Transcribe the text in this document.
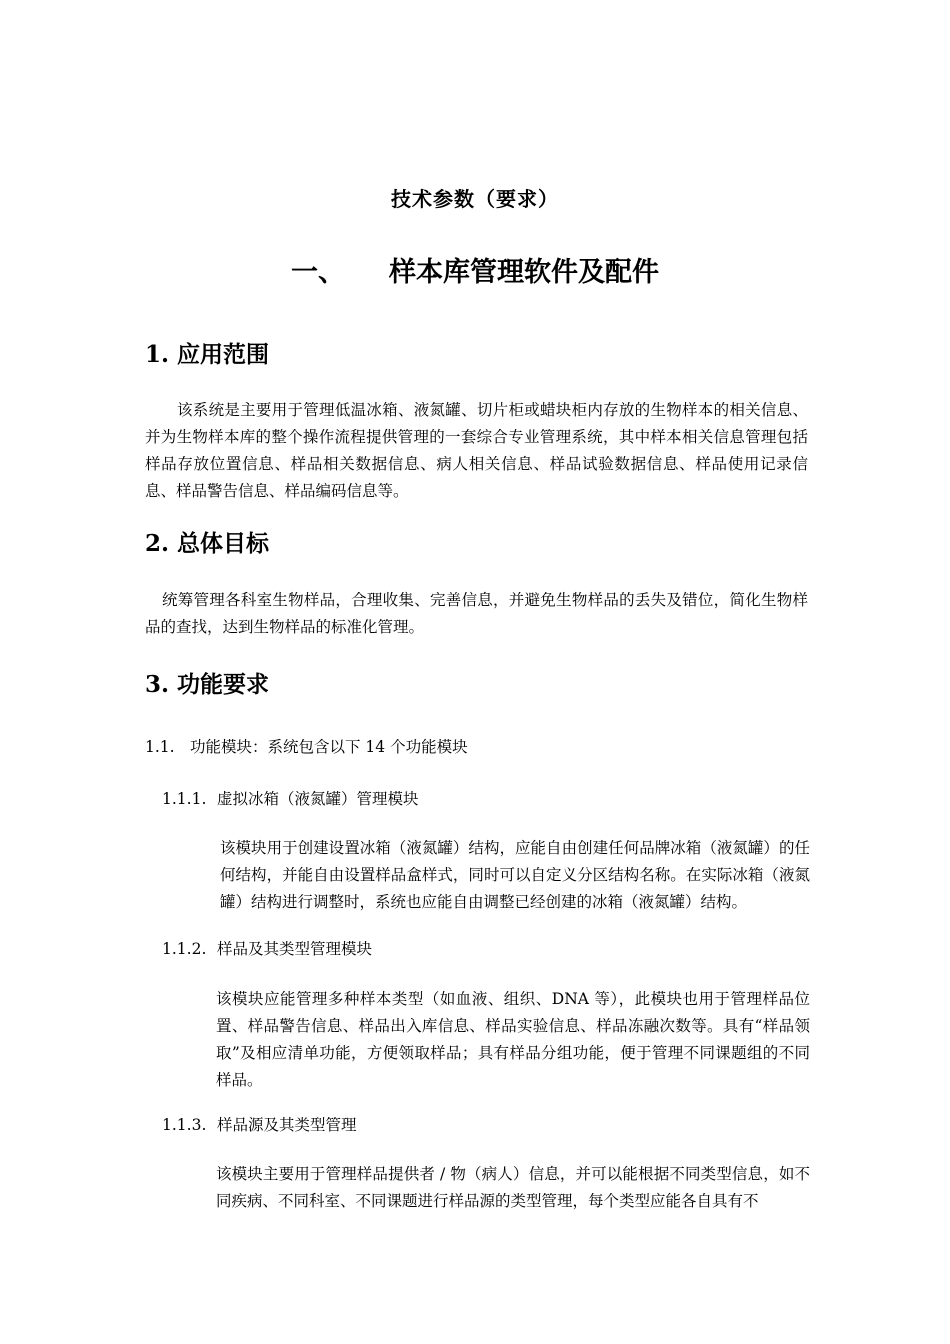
技术参数（要求）
一、 样本库管理软件及配件
1. 应用范围
该系统是主要用于管理低温冰箱、液氮罐、切片柜或蜡块柜内存放的生物样本的相关信息、并为生物样本库的整个操作流程提供管理的一套综合专业管理系统，其中样本相关信息管理包括样品存放位置信息、样品相关数据信息、病人相关信息、样品试验数据信息、样品使用记录信息、样品警告信息、样品编码信息等。
2. 总体目标
统筹管理各科室生物样品，合理收集、完善信息，并避免生物样品的丢失及错位，简化生物样品的查找，达到生物样品的标准化管理。
3. 功能要求
1.1. 功能模块：系统包含以下 14 个功能模块
1.1.1. 虚拟冰箱（液氮罐）管理模块
该模块用于创建设置冰箱（液氮罐）结构，应能自由创建任何品牌冰箱（液氮罐）的任何结构，并能自由设置样品盒样式，同时可以自定义分区结构名称。在实际冰箱（液氮罐）结构进行调整时，系统也应能自由调整已经创建的冰箱（液氮罐）结构。
1.1.2. 样品及其类型管理模块
该模块应能管理多种样本类型（如血液、组织、DNA 等），此模块也用于管理样品位置、样品警告信息、样品出入库信息、样品实验信息、样品冻融次数等。具有“样品领取”及相应清单功能，方便领取样品；具有样品分组功能，便于管理不同课题组的不同样品。
1.1.3. 样品源及其类型管理
该模块主要用于管理样品提供者 / 物（病人）信息，并可以能根据不同类型信息，如不同疾病、不同科室、不同课题进行样品源的类型管理，每个类型应能各自具有不
